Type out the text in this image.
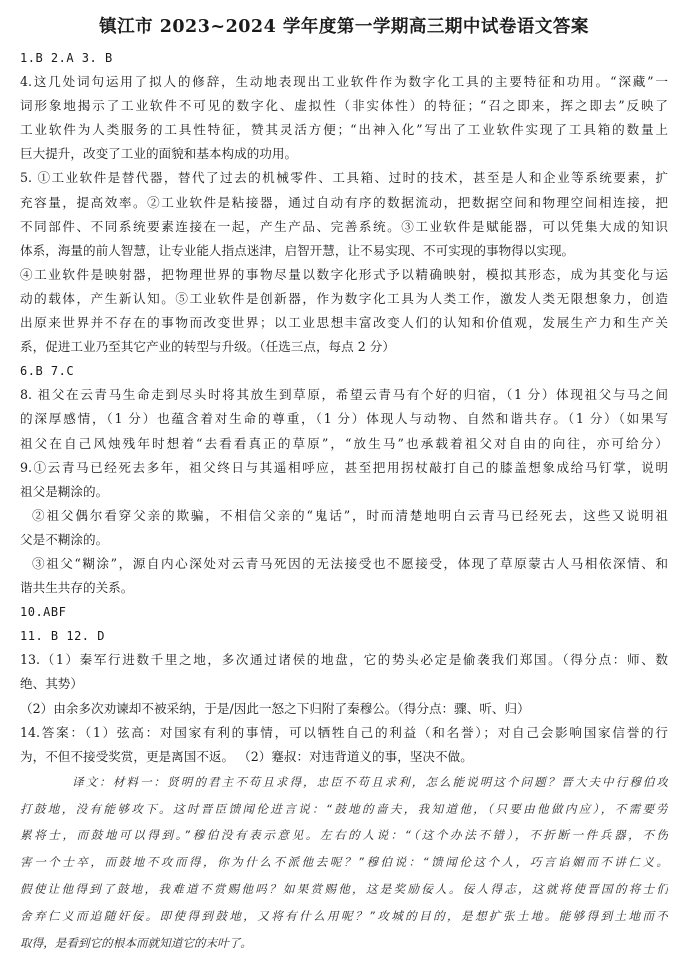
镇江市 2023~2024 学年度第一学期高三期中试卷语文答案
1.B 2.A 3. B
4.这几处词句运用了拟人的修辞，生动地表现出工业软件作为数字化工具的主要特征和功用。“深藏”一
词形象地揭示了工业软件不可见的数字化、虚拟性（非实体性）的特征；“召之即来，挥之即去”反映了
工业软件为人类服务的工具性特征，赞其灵活方便；“出神入化”写出了工业软件实现了工具箱的数量上
巨大提升，改变了工业的面貌和基本构成的功用。
5. ①工业软件是替代器，替代了过去的机械零件、工具箱、过时的技术，甚至是人和企业等系统要素，扩
充容量，提高效率。②工业软件是粘接器，通过自动有序的数据流动，把数据空间和物理空间相连接，把
不同部件、不同系统要素连接在一起，产生产品、完善系统。③工业软件是赋能器，可以凭集大成的知识
体系，海量的前人智慧，让专业能人指点迷津，启智开慧，让不易实现、不可实现的事物得以实现。
④工业软件是映射器，把物理世界的事物尽量以数字化形式予以精确映射，模拟其形态，成为其变化与运
动的载体，产生新认知。⑤工业软件是创新器，作为数字化工具为人类工作，激发人类无限想象力，创造
出原来世界并不存在的事物而改变世界；以工业思想丰富改变人们的认知和价值观，发展生产力和生产关
系，促进工业乃至其它产业的转型与升级。（任选三点，每点 2 分）
6.B 7.C
8. 祖父在云青马生命走到尽头时将其放生到草原，希望云青马有个好的归宿，（1 分）体现祖父与马之间
的深厚感情，（1 分）也蕴含着对生命的尊重，（1 分）体现人与动物、自然和谐共存。（1 分）（如果写
祖父在自己风烛残年时想着“去看看真正的草原”，“放生马”也承载着祖父对自由的向往，亦可给分）
9.①云青马已经死去多年，祖父终日与其遥相呼应，甚至把用拐杖敲打自己的膝盖想象成给马钉掌，说明
祖父是糊涂的。
②祖父偶尔看穿父亲的欺骗，不相信父亲的“鬼话”，时而清楚地明白云青马已经死去，这些又说明祖
父是不糊涂的。
③祖父“糊涂”，源自内心深处对云青马死因的无法接受也不愿接受，体现了草原蒙古人马相依深情、和
谐共生共存的关系。
10.ABF
11. B 12. D
13.（1）秦军行进数千里之地，多次通过诸侯的地盘，它的势头必定是偷袭我们郑国。（得分点：师、数
绝、其势）
（2）由余多次劝谏却不被采纳，于是/因此一怒之下归附了秦穆公。（得分点：骤、听、归）
14.答案：（1）弦高：对国家有利的事情，可以牺牲自己的利益（和名誉）；对自己会影响国家信誉的行
为，不但不接受奖赏，更是离国不返。 （2）蹇叔：对违背道义的事，坚决不做。
译文：材料一：贤明的君主不苟且求得，忠臣不苟且求利，怎么能说明这个问题？晋大夫中行穆伯攻
打鼓地，没有能够攻下。这时晋臣馈闻伦进言说：“鼓地的啬夫，我知道他，（只要由他做内应），不需要劳
累将士，而鼓地可以得到。”穆伯没有表示意见。左右的人说：“（这个办法不错），不折断一件兵器，不伤
害一个士卒，而鼓地不攻而得，你为什么不派他去呢？”穆伯说：“馈闻伦这个人，巧言谄媚而不讲仁义。
假使让他得到了鼓地，我难道不赏赐他吗？如果赏赐他，这是奖励佞人。佞人得志，这就将使晋国的将士们
舍弃仁义而追随奸佞。即使得到鼓地，又将有什么用呢？”攻城的目的，是想扩张土地。能够得到土地而不
取得，是看到它的根本而就知道它的末叶了。
